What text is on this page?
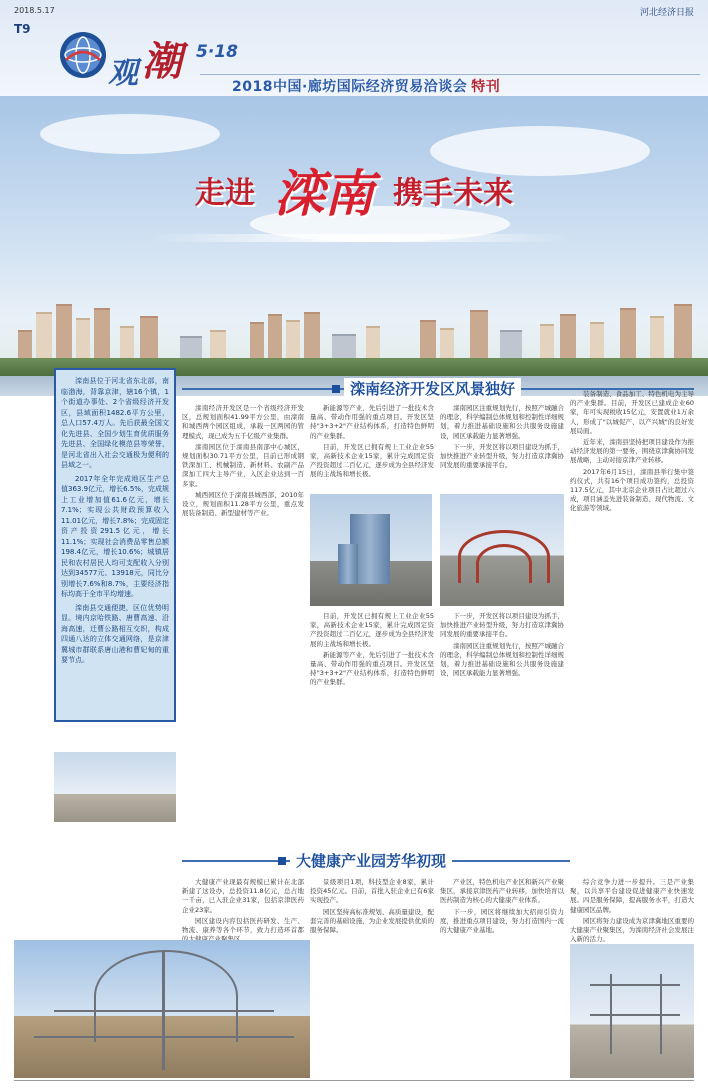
2018.5.17	河北经济日报
T9
观 潮 5·18
2018中国·廊坊国际经济贸易洽谈会 特刊
走进 滦南 携手未来

滦南县位于河北省东北部，南临渤海，背靠京津，辖16个镇，1个街道办事处、2个省级经济开发区，县域面积1482.6平方公里，总人口57.4万人。先后获最全国文化先进县、全国少划生育优质服务先进县、全国绿化模范县等荣誉，是河北省出入社会交通极为便利的县域之一。

2017年全年完成地区生产总值363.9亿元，增长6.5%，完成规上工业增加值61.6亿元，增长7.1%；实现公共财政预算收入11.01亿元，增长7.8%；完成固定资产投资291.5亿元，增长11.1%；实现社会消费品零售总额198.4亿元，增长10.6%；城镇居民和农村居民人均可支配收入分别达到34577元、13918元，同比分别增长7.6%和8.7%，主要经济指标均高于全市平均增速。

滦南县交通便捷，区位优势明显。境内京哈铁路、唐曹高速、沿海高速，迁曹公路相互交织，构成四通八达的立体交通网络，是京津冀城市群联系唐山港和曹妃甸的重要节点。

滦南经济开发区风景独好

滦南经济开发区是一个省级经济开发区，总规划面积41.99平方公里，由滦南和城西两个园区组成，承载一区两园的管理模式，现已成为五千亿级产业集群。

滦南园区位于滦南县南部中心城区，规划面积30.71平方公里，目前已形成钢铁深加工、机械制造、新材料、农副产品深加工四大主导产业，入区企业达到一百多家。

城西园区位于滦南县城西部，2010年设立，规划面积11.28平方公里，重点发展装备制造、新型建材等产业。

新能源等产业，先后引进了一批技术含量高、带动作用强的重点项目。开发区坚持"3+3+2"产业结构体系，打造特色鲜明的产业集群。

目前，开发区已拥有规上工业企业55家，高新技术企业15家，累计完成固定资产投资超过二百亿元，逐步成为全县经济发展的主战场和增长极。

滦南园区注重规划先行，按照产城融合的理念，科学编制总体规划和控制性详细规划，着力推进基础设施和公共服务设施建设，园区承载能力显著增强。

下一步，开发区将以项目建设为抓手，加快推进产业转型升级，努力打造京津冀协同发展的重要承接平台。

装备制造、食品加工、特色机电为主导的产业集群。目前，开发区已建成企业60家，年可实现税收15亿元，安置就业1万余人，形成了"以城促产、以产兴城"的良好发展局面。

近年来，滦南县坚持把项目建设作为推动经济发展的第一要务，围绕京津冀协同发展战略，主动对接京津产业转移。

2017年6月15日，滦南县举行集中签约仪式，共有16个项目成功签约，总投资117.5亿元，其中北京企业项目占比超过六成，项目涵盖先进装备制造、现代物流、文化旅游等领域。

目前，开发区已拥有规上工业企业55家，高新技术企业15家，累计完成固定资产投资超过二百亿元，逐步成为全县经济发展的主战场和增长极。

新能源等产业，先后引进了一批技术含量高、带动作用强的重点项目。开发区坚持"3+3+2"产业结构体系，打造特色鲜明的产业集群。

下一步，开发区将以项目建设为抓手，加快推进产业转型升级，努力打造京津冀协同发展的重要承接平台。

滦南园区注重规划先行，按照产城融合的理念，科学编制总体规划和控制性详细规划，着力推进基础设施和公共服务设施建设，园区承载能力显著增强。

大健康产业园芳华初现

大健康产业现最有规模已累计在北部新建了这设办，总投资11.8亿元，总占地一千亩，已入驻企业31家，包括京津医药企业23家。

园区建设内容包括医药研发、生产、物流、康养等各个环节，致力打造环首都

景级项目1项，科技型企业8家，累计投资45亿元。目前，首批入驻企业已有6家实现投产。

园区坚持高标准规划、高质量建设，配套完善的基础设施，为企业发展提供优质的服务保障。

产业区，特色机电产业区和新兴产业聚集区，承接京津医药产业转移，加快培育以医药制造为核心的大健康产业体系。

下一步，园区将继续加大招商引资力度，推进重点项目建设，努力打造国内一流的大健康产业基地。

综合竞争力进一步提升。三是产业集聚，以共享平台建设促进健康产业快速发展。四是服务保障，提高服务水平，打造大健康园区品牌。

园区将努力建设成为京津冀地区重要的大健康产业聚集区，为滦南经济社会发展注入新的活力。
